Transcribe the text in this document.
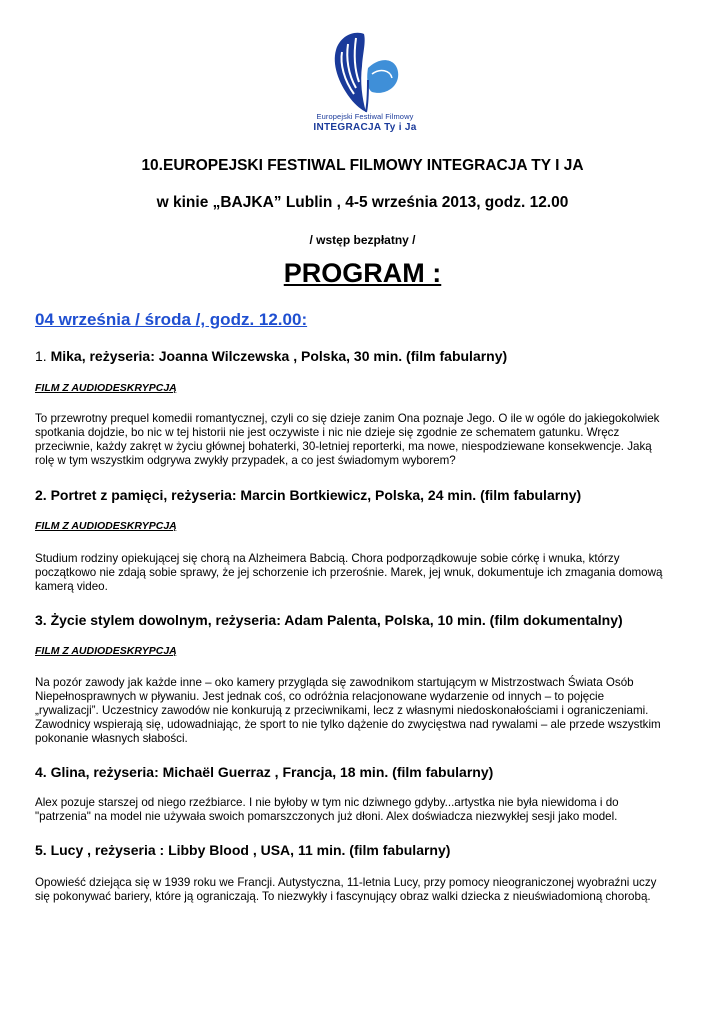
Europejski Festiwal Filmowy
INTEGRACJA Ty i Ja
10.EUROPEJSKI FESTIWAL FILMOWY INTEGRACJA TY I JA
w kinie „BAJKA” Lublin , 4-5 września 2013, godz. 12.00
/ wstęp bezpłatny /
PROGRAM :
04 września / środa /, godz. 12.00:
1. Mika, reżyseria: Joanna Wilczewska , Polska, 30 min. (film fabularny)
FILM Z AUDIODESKRYPCJĄ
To przewrotny prequel komedii romantycznej, czyli co się dzieje zanim Ona poznaje Jego. O ile w ogóle do jakiegokolwiek spotkania dojdzie, bo nic w tej historii nie jest oczywiste i nic nie dzieje się zgodnie ze schematem gatunku. Wręcz przeciwnie, każdy zakręt w życiu głównej bohaterki, 30-letniej reporterki, ma nowe, niespodziewane konsekwencje. Jaką rolę w tym wszystkim odgrywa zwykły przypadek, a co jest świadomym wyborem?
2. Portret z pamięci, reżyseria: Marcin Bortkiewicz, Polska, 24 min. (film fabularny)
FILM Z AUDIODESKRYPCJĄ
Studium rodziny opiekującej się chorą na Alzheimera Babcią. Chora podporządkowuje sobie córkę i wnuka, którzy początkowo nie zdają sobie sprawy, że jej schorzenie ich przerośnie. Marek, jej wnuk, dokumentuje ich zmagania domową kamerą video.
3. Życie stylem dowolnym, reżyseria: Adam Palenta, Polska, 10 min. (film dokumentalny)
FILM Z AUDIODESKRYPCJĄ
Na pozór zawody jak każde inne – oko kamery przygląda się zawodnikom startującym w Mistrzostwach Świata Osób Niepełnosprawnych w pływaniu. Jest jednak coś, co odróżnia relacjonowane wydarzenie od innych – to pojęcie „rywalizacji”. Uczestnicy zawodów nie konkurują z przeciwnikami, lecz z własnymi niedoskonałościami i ograniczeniami. Zawodnicy wspierają się, udowadniając, że sport to nie tylko dążenie do zwycięstwa nad rywalami – ale przede wszystkim pokonanie własnych słabości.
4. Glina, reżyseria: Michaël Guerraz , Francja, 18 min. (film fabularny)
Alex pozuje starszej od niego rzeźbiarce. I nie byłoby w tym nic dziwnego gdyby...artystka nie była niewidoma i do "patrzenia" na model nie używała swoich pomarszczonych już dłoni. Alex doświadcza niezwykłej sesji jako model.
5. Lucy , reżyseria : Libby Blood , USA, 11 min. (film fabularny)
Opowieść dziejąca się w 1939 roku we Francji. Autystyczna, 11-letnia Lucy, przy pomocy nieograniczonej wyobraźni uczy się pokonywać bariery, które ją ograniczają. To niezwykły i fascynujący obraz walki dziecka z nieuświadomioną chorobą.
